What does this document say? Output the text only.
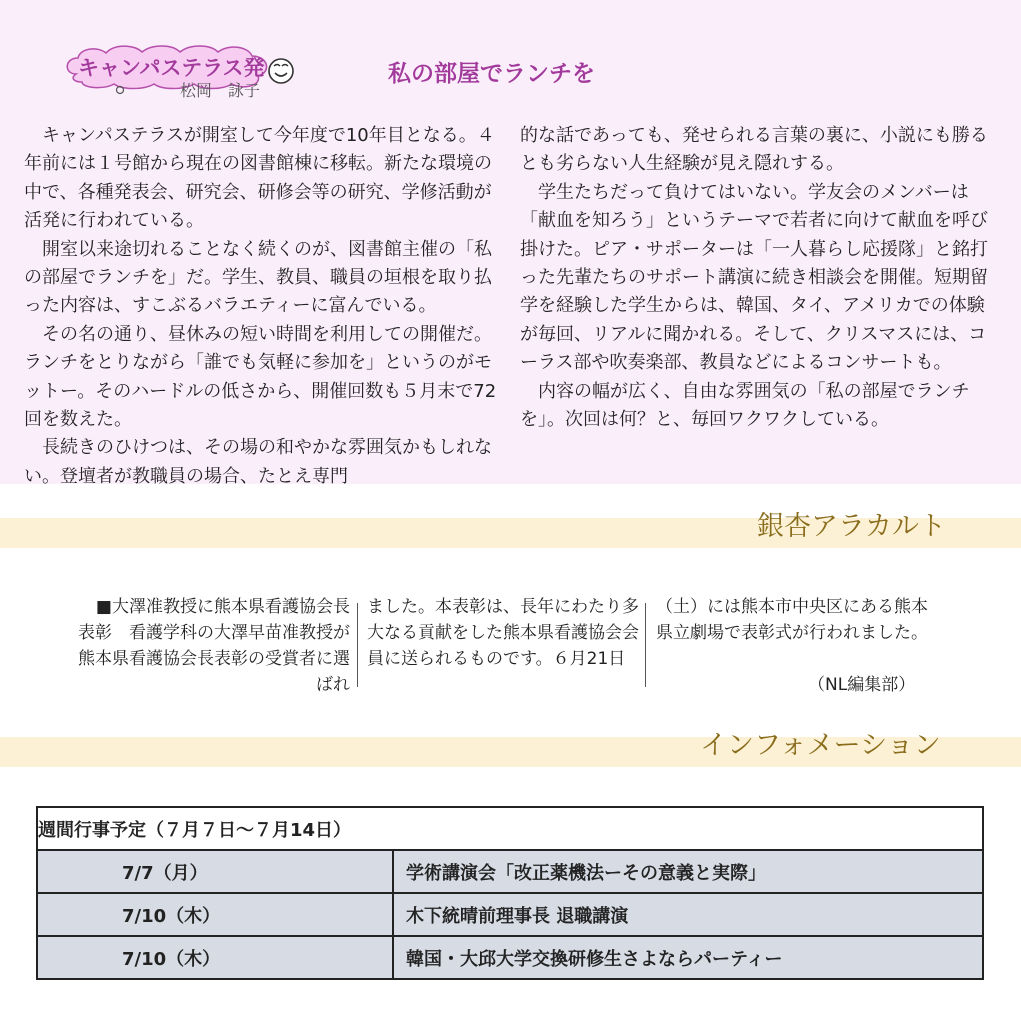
キャンパステラス発
松岡　詠子
私の部屋でランチを

　キャンパステラスが開室して今年度で10年目となる。４年前には１号館から現在の図書館棟に移転。新たな環境の中で、各種発表会、研究会、研修会等の研究、学修活動が活発に行われている。

　開室以来途切れることなく続くのが、図書館主催の「私の部屋でランチを」だ。学生、教員、職員の垣根を取り払った内容は、すこぶるバラエティーに富んでいる。

　その名の通り、昼休みの短い時間を利用しての開催だ。ランチをとりながら「誰でも気軽に参加を」というのがモットー。そのハードルの低さから、開催回数も５月末で72回を数えた。

　長続きのひけつは、その場の和やかな雰囲気かもしれない。登壇者が教職員の場合、たとえ専門

的な話であっても、発せられる言葉の裏に、小説にも勝るとも劣らない人生経験が見え隠れする。

　学生たちだって負けてはいない。学友会のメンバーは「献血を知ろう」というテーマで若者に向けて献血を呼び掛けた。ピア・サポーターは「一人暮らし応援隊」と銘打った先輩たちのサポート講演に続き相談会を開催。短期留学を経験した学生からは、韓国、タイ、アメリカでの体験が毎回、リアルに聞かれる。そして、クリスマスには、コーラス部や吹奏楽部、教員などによるコンサートも。

　内容の幅が広く、自由な雰囲気の「私の部屋でランチを」。次回は何？と、毎回ワクワクしている。

銀杏アラカルト

　■大澤准教授に熊本県看護協会長表彰　看護学科の大澤早苗准教授が熊本県看護協会長表彰の受賞者に選ばれ

ました。本表彰は、長年にわたり多大なる貢献をした熊本県看護協会会員に送られるものです。６月21日

（土）には熊本市中央区にある熊本県立劇場で表彰式が行われました。

（NL編集部）
インフォメーション
週間行事予定（７月７日～７月14日）	
7/7（月）	学術講演会「改正薬機法ーその意義と実際」
7/10（木）	木下統晴前理事長 退職講演
7/10（木）	韓国・大邱大学交換研修生さよならパーティー
